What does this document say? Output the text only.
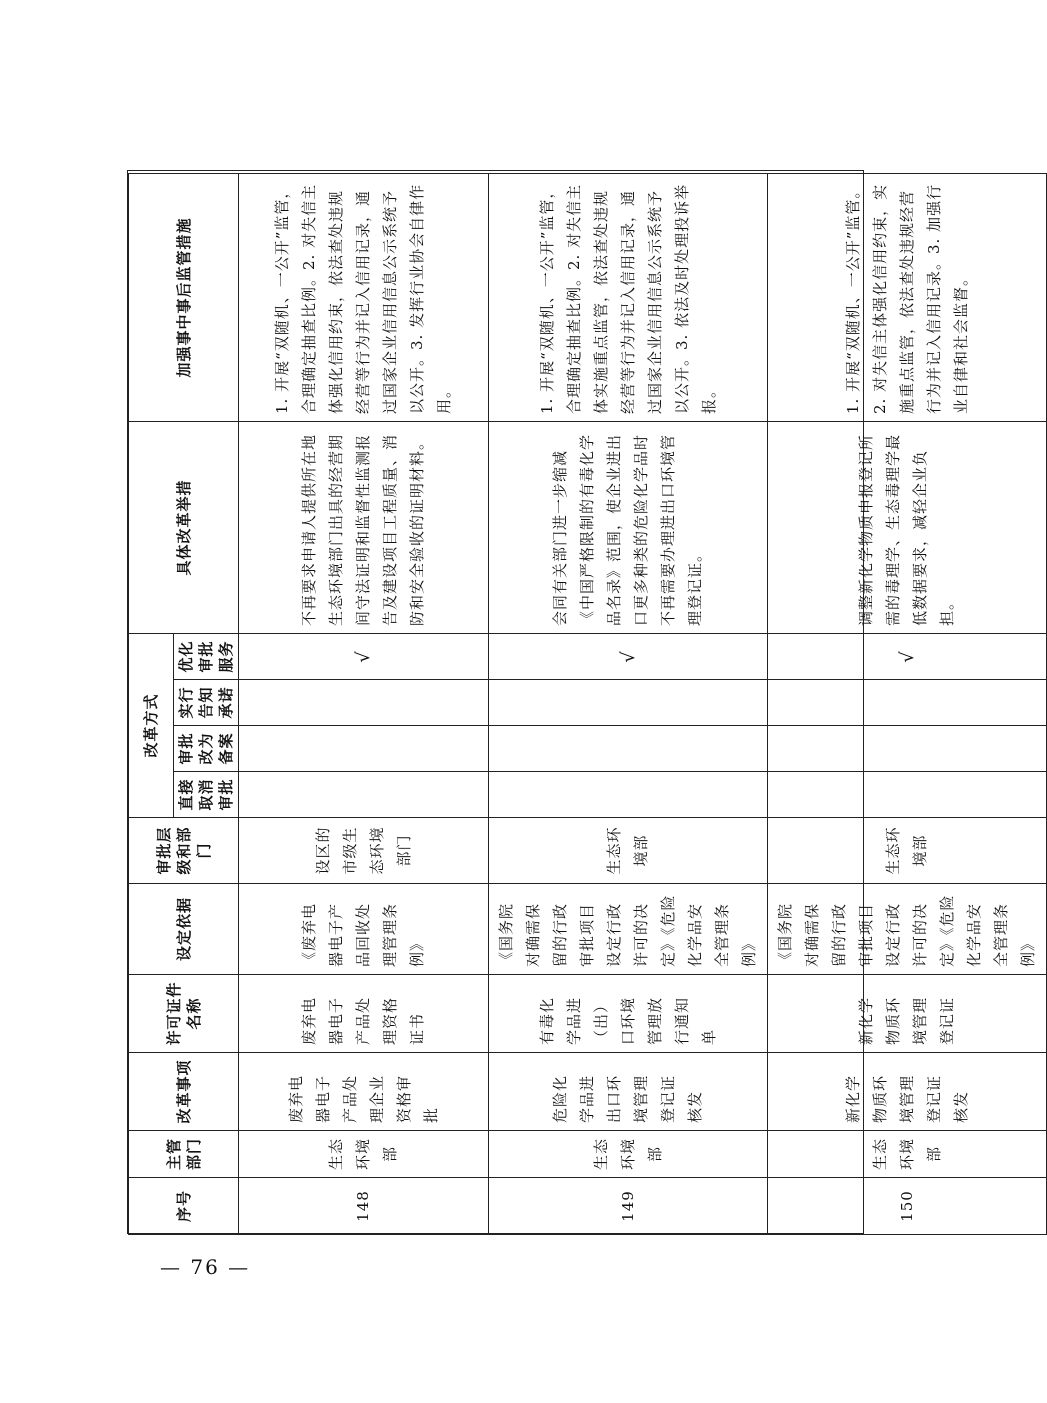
序号	主管部门	改革事项	许可证件名称	设定依据	审批层级和部门	改革方式				具体改革举措	加强事中事后监管措施
						直接取消审批	审批改为备案	实行告知承诺	优化审批服务		
148	生态环境部	废弃电器电子产品处理企业资格审批	废弃电器电子产品处理资格证书	《废弃电器电子产品回收处理管理条例》	设区的市级生态环境部门				√	不再要求申请人提供所在地生态环境部门出具的经营期间守法证明和监督性监测报告及建设项目工程质量、消防和安全验收的证明材料。	1. 开展“双随机、一公开”监管，合理确定抽查比例。2. 对失信主体强化信用约束，依法查处违规经营等行为并记入信用记录，通过国家企业信用信息公示系统予以公开。3. 发挥行业协会自律作用。
149	生态环境部	危险化学品进出口环境管理登记证核发	有毒化学品进（出）口环境管理放行通知单	《国务院对确需保留的行政审批项目设定行政许可的决定》《危险化学品安全管理条例》	生态环境部				√	会同有关部门进一步缩减《中国严格限制的有毒化学品名录》范围，使企业进出口更多种类的危险化学品时不再需要办理进出口环境管理登记证。	1. 开展“双随机、一公开”监管，合理确定抽查比例。2. 对失信主体实施重点监管，依法查处违规经营等行为并记入信用记录，通过国家企业信用信息公示系统予以公开。3. 依法及时处理投诉举报。
150	生态环境部	新化学物质环境管理登记证核发	新化学物质环境管理登记证	《国务院对确需保留的行政审批项目设定行政许可的决定》《危险化学品安全管理条例》	生态环境部				√	调整新化学物质申报登记所需的毒理学、生态毒理学最低数据要求，减轻企业负担。	1. 开展“双随机、一公开”监管。2. 对失信主体强化信用约束，实施重点监管，依法查处违规经营行为并记入信用记录。3. 加强行业自律和社会监督。
— 76 —
